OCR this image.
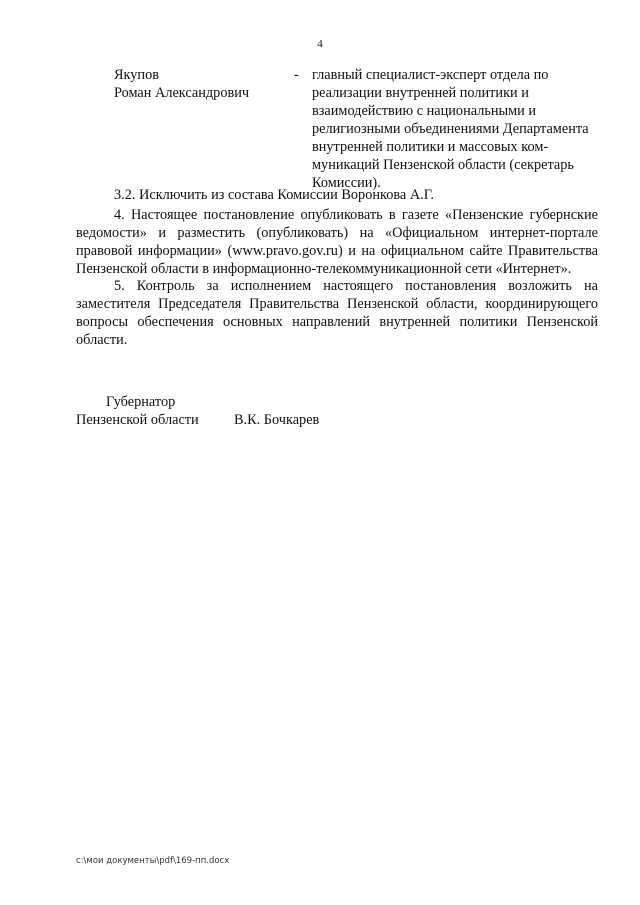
4
Якупов
Роман Александрович
- главный специалист-эксперт отдела по

реализации внутренней политики и

взаимодействию с национальными и

религиозными объединениями Департамента

внутренней политики и массовых ком-

муникаций Пензенской области (секретарь

Комиссии).

3.2. Исключить из состава Комиссии Воронкова А.Г.

4. Настоящее постановление опубликовать в газете «Пензенские губернские ведомости» и разместить (опубликовать) на «Официальном интернет-портале правовой информации» (www.pravo.gov.ru) и на официальном сайте Правительства Пензенской области в информационно-телекоммуникационной сети «Интернет».

5. Контроль за исполнением настоящего постановления возложить на заместителя Председателя Правительства Пензенской области, координирующего вопросы обеспечения основных направлений внутренней политики Пензенской области.

Губернатор
Пензенской области В.К. Бочкарев
c:\мои документы\pdf\169-пп.docx
